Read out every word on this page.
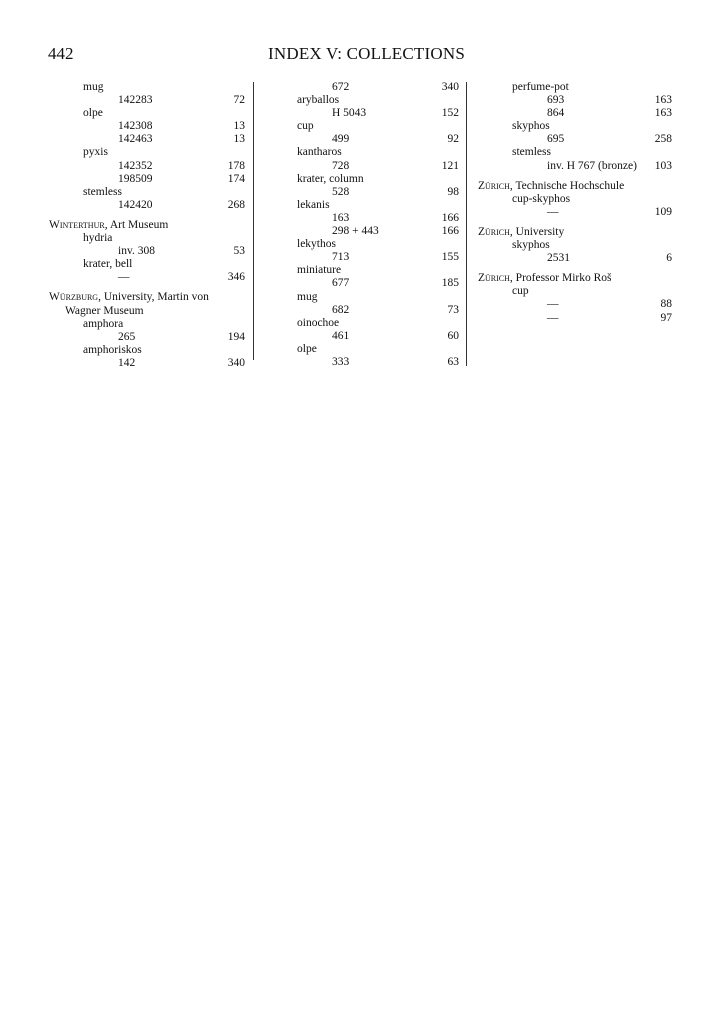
442	INDEX V: COLLECTIONS
mug
142283	72
olpe
142308	13
142463	13
pyxis
142352	178
198509	174
stemless
142420	268
Winterthur, Art Museum
hydria
inv. 308	53
krater, bell
—	346
Würzburg, University, Martin von
Wagner Museum
amphora
265	194
amphoriskos
142	340
672	340
aryballos
H 5043	152
cup
499	92
kantharos
728	121
krater, column
528	98
lekanis
163	166
298 + 443	166
lekythos
713	155
miniature
677	185
mug
682	73
oinochoe
461	60
olpe
333	63
perfume-pot
693	163
864	163
skyphos
695	258
stemless
inv. H 767 (bronze) 103
Zürich, Technische Hochschule
cup-skyphos
—	109
Zürich, University
skyphos
2531	6
Zürich, Professor Mirko Roš
cup
—	88
—	97
